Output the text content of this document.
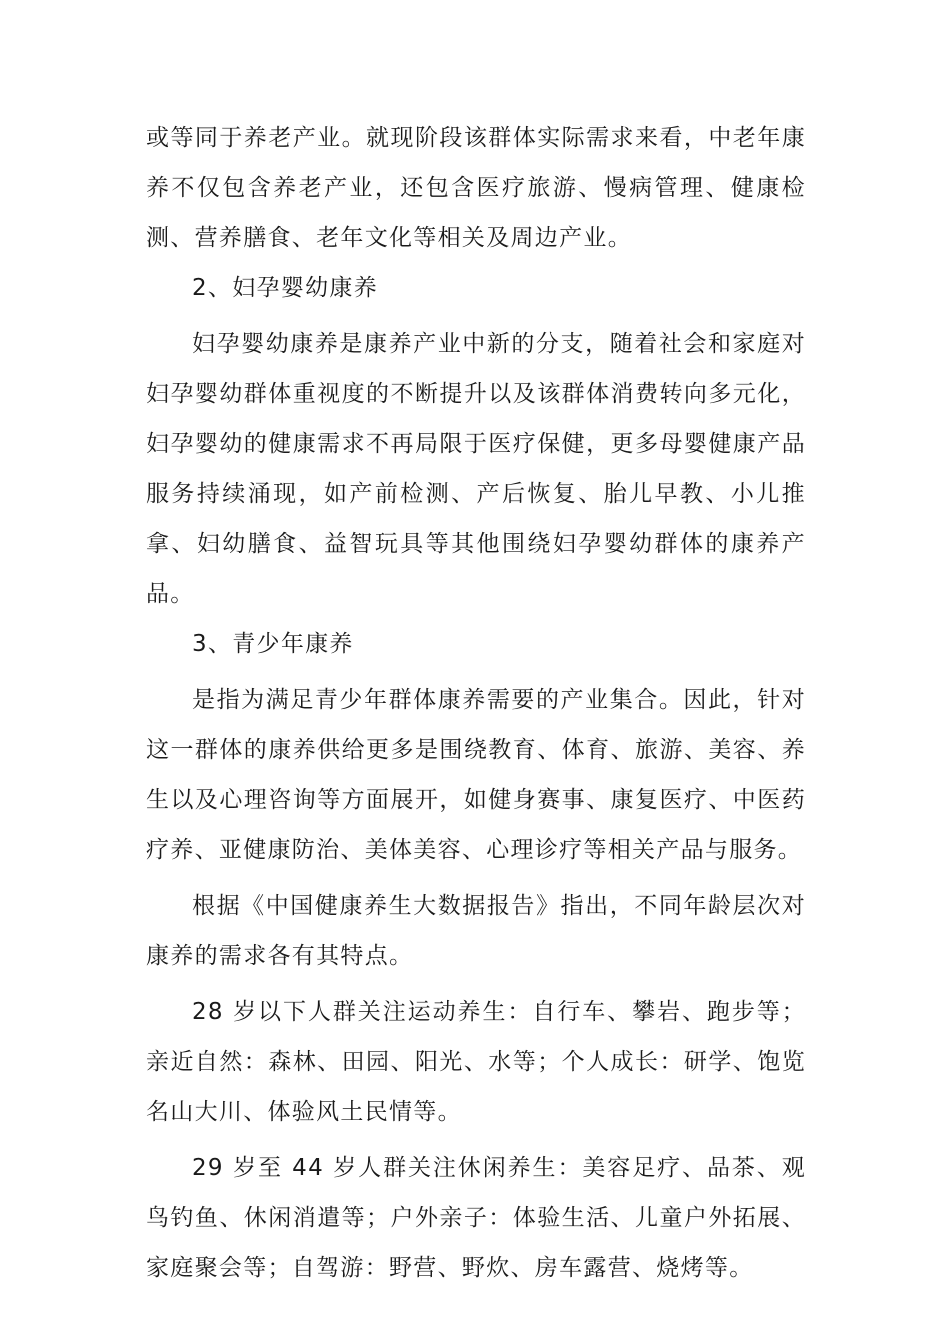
或等同于养老产业。就现阶段该群体实际需求来看，中老年康养不仅包含养老产业，还包含医疗旅游、慢病管理、健康检测、营养膳食、老年文化等相关及周边产业。

2、妇孕婴幼康养

妇孕婴幼康养是康养产业中新的分支，随着社会和家庭对妇孕婴幼群体重视度的不断提升以及该群体消费转向多元化，妇孕婴幼的健康需求不再局限于医疗保健，更多母婴健康产品服务持续涌现，如产前检测、产后恢复、胎儿早教、小儿推拿、妇幼膳食、益智玩具等其他围绕妇孕婴幼群体的康养产品。

3、青少年康养

是指为满足青少年群体康养需要的产业集合。因此，针对这一群体的康养供给更多是围绕教育、体育、旅游、美容、养生以及心理咨询等方面展开，如健身赛事、康复医疗、中医药疗养、亚健康防治、美体美容、心理诊疗等相关产品与服务。

根据《中国健康养生大数据报告》指出，不同年龄层次对康养的需求各有其特点。

28 岁以下人群关注运动养生：自行车、攀岩、跑步等；亲近自然：森林、田园、阳光、水等；个人成长：研学、饱览名山大川、体验风土民情等。

29 岁至 44 岁人群关注休闲养生：美容足疗、品茶、观鸟钓鱼、休闲消遣等；户外亲子：体验生活、儿童户外拓展、家庭聚会等；自驾游：野营、野炊、房车露营、烧烤等。
